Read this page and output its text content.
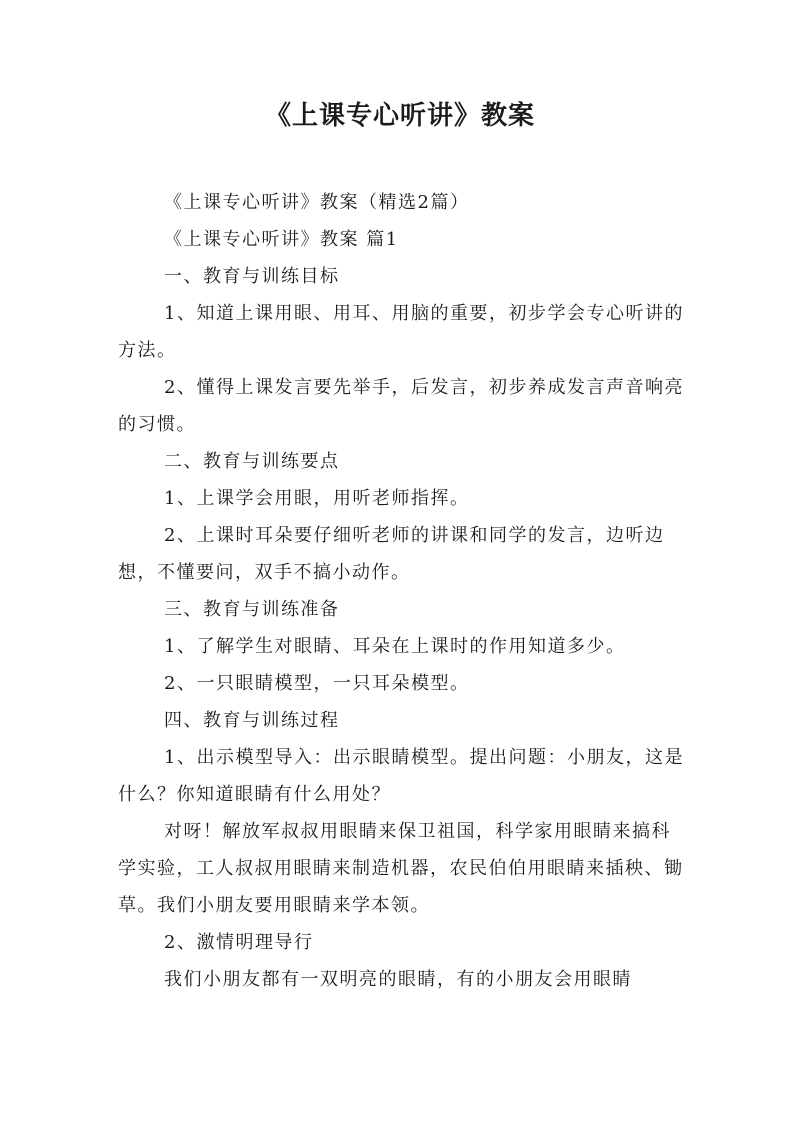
《上课专心听讲》教案

《上课专心听讲》教案（精选2篇）

《上课专心听讲》教案 篇1

一、教育与训练目标

1、知道上课用眼、用耳、用脑的重要，初步学会专心听讲的方法。

2、懂得上课发言要先举手，后发言，初步养成发言声音响亮的习惯。

二、教育与训练要点

1、上课学会用眼，用听老师指挥。

2、上课时耳朵要仔细听老师的讲课和同学的发言，边听边想，不懂要问，双手不搞小动作。

三、教育与训练准备

1、了解学生对眼睛、耳朵在上课时的作用知道多少。

2、一只眼睛模型，一只耳朵模型。

四、教育与训练过程

1、出示模型导入：出示眼睛模型。提出问题：小朋友，这是什么？你知道眼睛有什么用处？

对呀！解放军叔叔用眼睛来保卫祖国，科学家用眼睛来搞科学实验，工人叔叔用眼睛来制造机器，农民伯伯用眼睛来插秧、锄草。我们小朋友要用眼睛来学本领。

2、激情明理导行

我们小朋友都有一双明亮的眼睛，有的小朋友会用眼睛
